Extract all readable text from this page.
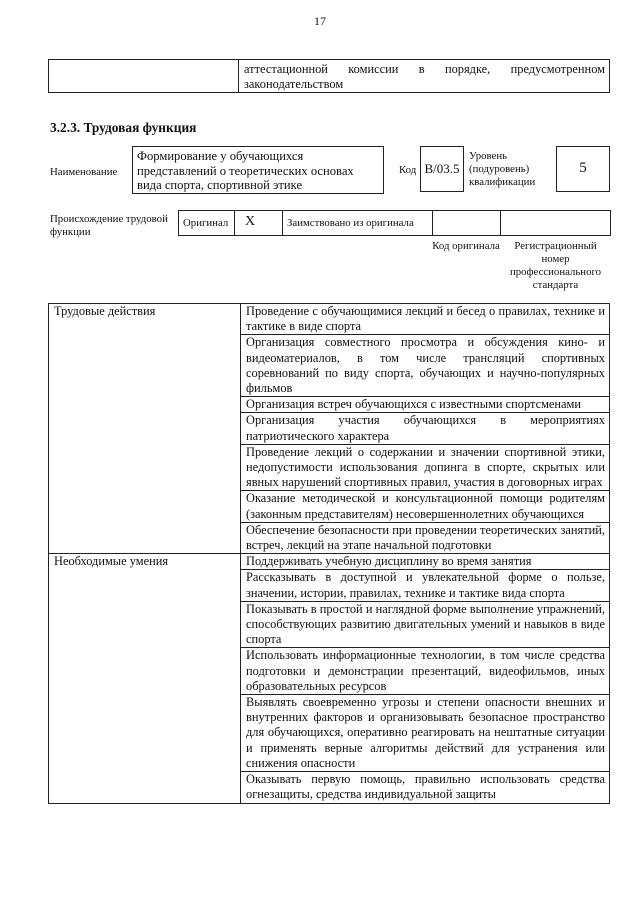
17
аттестационной комиссии в порядке, предусмотренном
законодательством
3.2.3. Трудовая функция
Наименование
Формирование у обучающихся представлений о теоретических основах вида спорта, спортивной этике
Код B/03.5
Уровень (подуровень) квалификации
5
Происхождение трудовой функции
Оригинал X	Заимствовано из оригинала
Код оригинала	Регистрационный номер профессионального стандарта
Трудовые действия	Проведение с обучающимися лекций и бесед о правилах, технике и тактике в виде спорта
	Организация совместного просмотра и обсуждения кино- и видеоматериалов, в том числе трансляций спортивных соревнований по виду спорта, обучающих и научно-популярных фильмов
	Организация встреч обучающихся с известными спортсменами
	Организация участия обучающихся в мероприятиях патриотического характера
	Проведение лекций о содержании и значении спортивной этики, недопустимости использования допинга в спорте, скрытых или явных нарушений спортивных правил, участия в договорных играх
	Оказание методической и консультационной помощи родителям (законным представителям) несовершеннолетних обучающихся
	Обеспечение безопасности при проведении теоретических занятий, встреч, лекций на этапе начальной подготовки
Необходимые умения	Поддерживать учебную дисциплину во время занятия
	Рассказывать в доступной и увлекательной форме о пользе, значении, истории, правилах, технике и тактике вида спорта
	Показывать в простой и наглядной форме выполнение упражнений, способствующих развитию двигательных умений и навыков в виде спорта
	Использовать информационные технологии, в том числе средства подготовки и демонстрации презентаций, видеофильмов, иных образовательных ресурсов
	Выявлять своевременно угрозы и степени опасности внешних и внутренних факторов и организовывать безопасное пространство для обучающихся, оперативно реагировать на нештатные ситуации и применять верные алгоритмы действий для устранения или снижения опасности
	Оказывать первую помощь, правильно использовать средства огнезащиты, средства индивидуальной защиты
